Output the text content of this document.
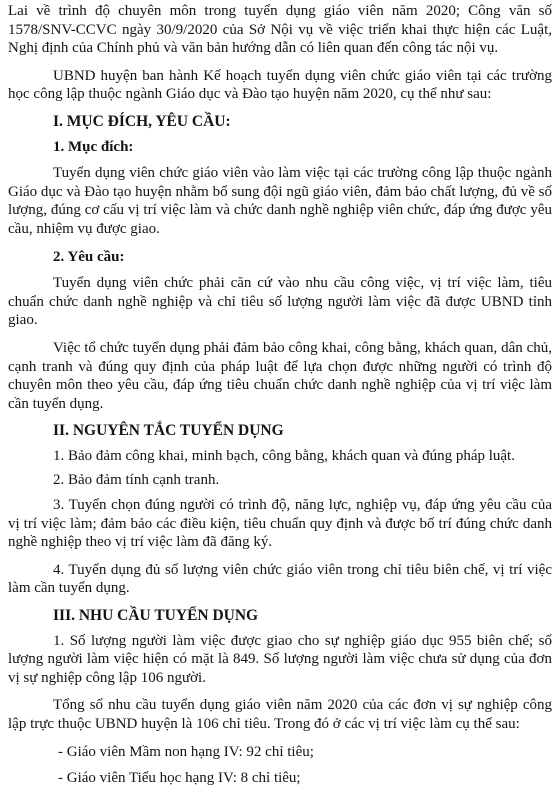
Lai về trình độ chuyên môn trong tuyển dụng giáo viên năm 2020; Công văn số 1578/SNV-CCVC ngày 30/9/2020 của Sở Nội vụ về việc triển khai thực hiện các Luật, Nghị định của Chính phủ và văn bản hướng dẫn có liên quan đến công tác nội vụ.

UBND huyện ban hành Kế hoạch tuyển dụng viên chức giáo viên tại các trường học công lập thuộc ngành Giáo dục và Đào tạo huyện năm 2020, cụ thể như sau:

I. MỤC ĐÍCH, YÊU CẦU:

1. Mục đích:

Tuyển dụng viên chức giáo viên vào làm việc tại các trường công lập thuộc ngành Giáo dục và Đào tạo huyện nhằm bổ sung đội ngũ giáo viên, đảm bảo chất lượng, đủ về số lượng, đúng cơ cấu vị trí việc làm và chức danh nghề nghiệp viên chức, đáp ứng được yêu cầu, nhiệm vụ được giao.

2. Yêu cầu:

Tuyển dụng viên chức phải căn cứ vào nhu cầu công việc, vị trí việc làm, tiêu chuẩn chức danh nghề nghiệp và chỉ tiêu số lượng người làm việc đã được UBND tỉnh giao.

Việc tổ chức tuyển dụng phải đảm bảo công khai, công bằng, khách quan, dân chủ, cạnh tranh và đúng quy định của pháp luật để lựa chọn được những người có trình độ chuyên môn theo yêu cầu, đáp ứng tiêu chuẩn chức danh nghề nghiệp của vị trí việc làm cần tuyển dụng.

II. NGUYÊN TẮC TUYỂN DỤNG

1. Bảo đảm công khai, minh bạch, công bằng, khách quan và đúng pháp luật.

2. Bảo đảm tính cạnh tranh.

3. Tuyển chọn đúng người có trình độ, năng lực, nghiệp vụ, đáp ứng yêu cầu của vị trí việc làm; đảm bảo các điều kiện, tiêu chuẩn quy định và được bố trí đúng chức danh nghề nghiệp theo vị trí việc làm đã đăng ký.

4. Tuyển dụng đủ số lượng viên chức giáo viên trong chỉ tiêu biên chế, vị trí việc làm cần tuyển dụng.

III. NHU CẦU TUYỂN DỤNG

1. Số lượng người làm việc được giao cho sự nghiệp giáo dục 955 biên chế; số lượng người làm việc hiện có mặt là 849. Số lượng người làm việc chưa sử dụng của đơn vị sự nghiệp công lập 106 người.

Tổng số nhu cầu tuyển dụng giáo viên năm 2020 của các đơn vị sự nghiệp công lập trực thuộc UBND huyện là 106 chỉ tiêu. Trong đó ở các vị trí việc làm cụ thể sau:

- Giáo viên Mầm non hạng IV: 92 chỉ tiêu;

- Giáo viên Tiểu học hạng IV: 8 chỉ tiêu;
